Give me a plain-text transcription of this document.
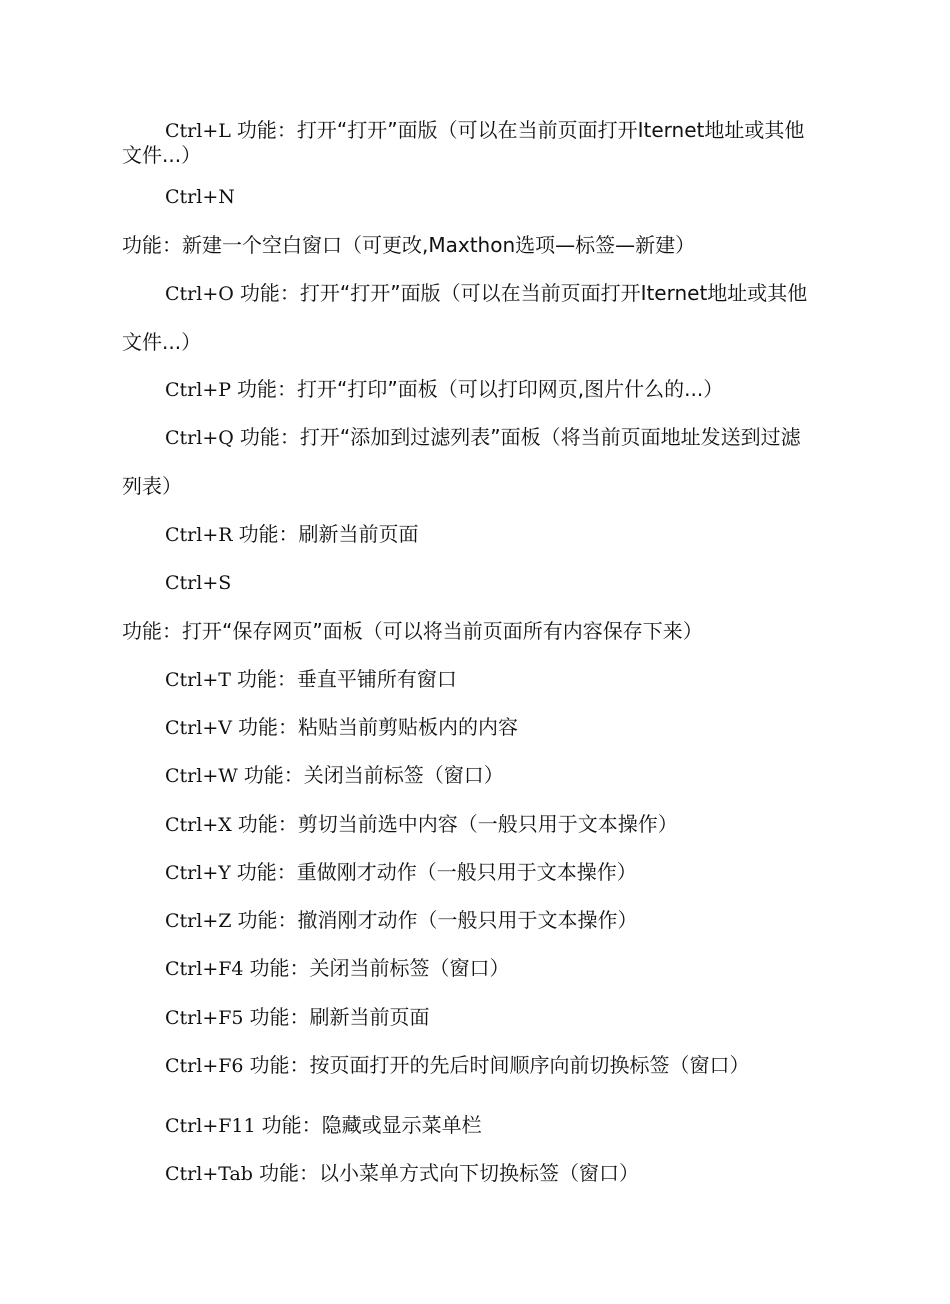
Ctrl+L 功能：打开“打开”面版（可以在当前页面打开Iternet地址或其他文件...）

Ctrl+N功能：新建一个空白窗口（可更改,Maxthon选项—标签—新建）

Ctrl+O 功能：打开“打开”面版（可以在当前页面打开Iternet地址或其他文件...）

Ctrl+P 功能：打开“打印”面板（可以打印网页,图片什么的...）

Ctrl+Q 功能：打开“添加到过滤列表”面板（将当前页面地址发送到过滤列表）

Ctrl+R 功能：刷新当前页面

Ctrl+S功能：打开“保存网页”面板（可以将当前页面所有内容保存下来）

Ctrl+T 功能：垂直平铺所有窗口

Ctrl+V 功能：粘贴当前剪贴板内的内容

Ctrl+W 功能：关闭当前标签（窗口）

Ctrl+X 功能：剪切当前选中内容（一般只用于文本操作）

Ctrl+Y 功能：重做刚才动作（一般只用于文本操作）

Ctrl+Z 功能：撤消刚才动作（一般只用于文本操作）

Ctrl+F4 功能：关闭当前标签（窗口）

Ctrl+F5 功能：刷新当前页面

Ctrl+F6 功能：按页面打开的先后时间顺序向前切换标签（窗口）

Ctrl+F11 功能：隐藏或显示菜单栏

Ctrl+Tab 功能：以小菜单方式向下切换标签（窗口）
